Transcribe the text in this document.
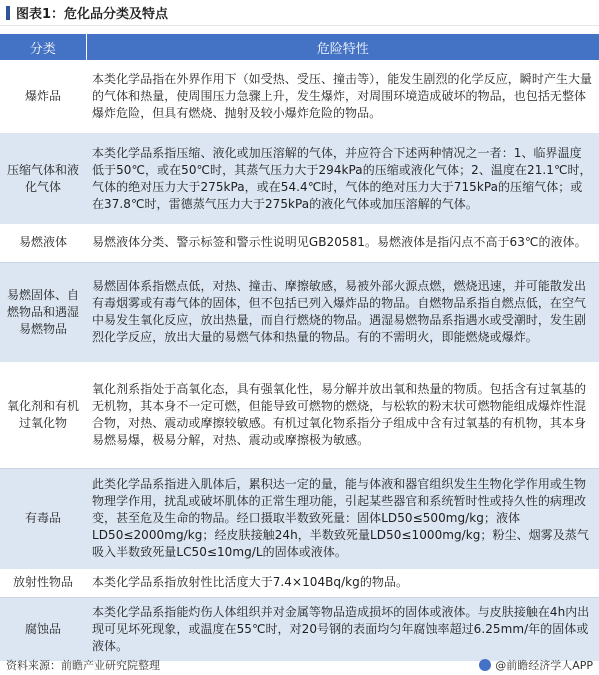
图表1：危化品分类及特点
分类	危险特性
爆炸品	本类化学品指在外界作用下（如受热、受压、撞击等），能发生剧烈的化学反应，瞬时产生大量的气体和热量，使周围压力急骤上升，发生爆炸，对周围环境造成破坏的物品，也包括无整体爆炸危险，但具有燃烧、抛射及较小爆炸危险的物品。
压缩气体和液化气体	本类化学品系指压缩、液化或加压溶解的气体，并应符合下述两种情况之一者：1、临界温度低于50℃，或在50℃时，其蒸气压力大于294kPa的压缩或液化气体；2、温度在21.1℃时，气体的绝对压力大于275kPa，或在54.4℃时，气体的绝对压力大于715kPa的压缩气体；或在37.8℃时，雷德蒸气压力大于275kPa的液化气体或加压溶解的气体。
易燃液体	易燃液体分类、警示标签和警示性说明见GB20581。易燃液体是指闪点不高于63℃的液体。
易燃固体、自燃物品和遇湿易燃物品	易燃固体系指燃点低，对热、撞击、摩擦敏感，易被外部火源点燃，燃烧迅速，并可能散发出有毒烟雾或有毒气体的固体，但不包括已列入爆炸品的物品。自燃物品系指自燃点低，在空气中易发生氧化反应，放出热量，而自行燃烧的物品。遇湿易燃物品系指遇水或受潮时，发生剧烈化学反应，放出大量的易燃气体和热量的物品。有的不需明火，即能燃烧或爆炸。
氧化剂和有机过氧化物	氧化剂系指处于高氧化态，具有强氧化性，易分解并放出氧和热量的物质。包括含有过氧基的无机物，其本身不一定可燃，但能导致可燃物的燃烧，与松软的粉末状可燃物能组成爆炸性混合物，对热、震动或摩擦较敏感。有机过氧化物系指分子组成中含有过氧基的有机物，其本身易燃易爆，极易分解，对热、震动或摩擦极为敏感。
有毒品	此类化学品系指进入肌体后，累积达一定的量，能与体液和器官组织发生生物化学作用或生物物理学作用，扰乱或破坏肌体的正常生理功能，引起某些器官和系统暂时性或持久性的病理改变，甚至危及生命的物品。经口摄取半数致死量：固体LD50≤500mg/kg；液体LD50≤2000mg/kg；经皮肤接触24h，半数致死量LD50≤1000mg/kg；粉尘、烟雾及蒸气吸入半数致死量LC50≤10mg/L的固体或液体。
放射性物品	本类化学品系指放射性比活度大于7.4×104Bq/kg的物品。
腐蚀品	本类化学品系指能灼伤人体组织并对金属等物品造成损坏的固体或液体。与皮肤接触在4h内出现可见坏死现象，或温度在55℃时，对20号钢的表面均匀年腐蚀率超过6.25mm/年的固体或液体。
资料来源：前瞻产业研究院整理	@前瞻经济学人APP
